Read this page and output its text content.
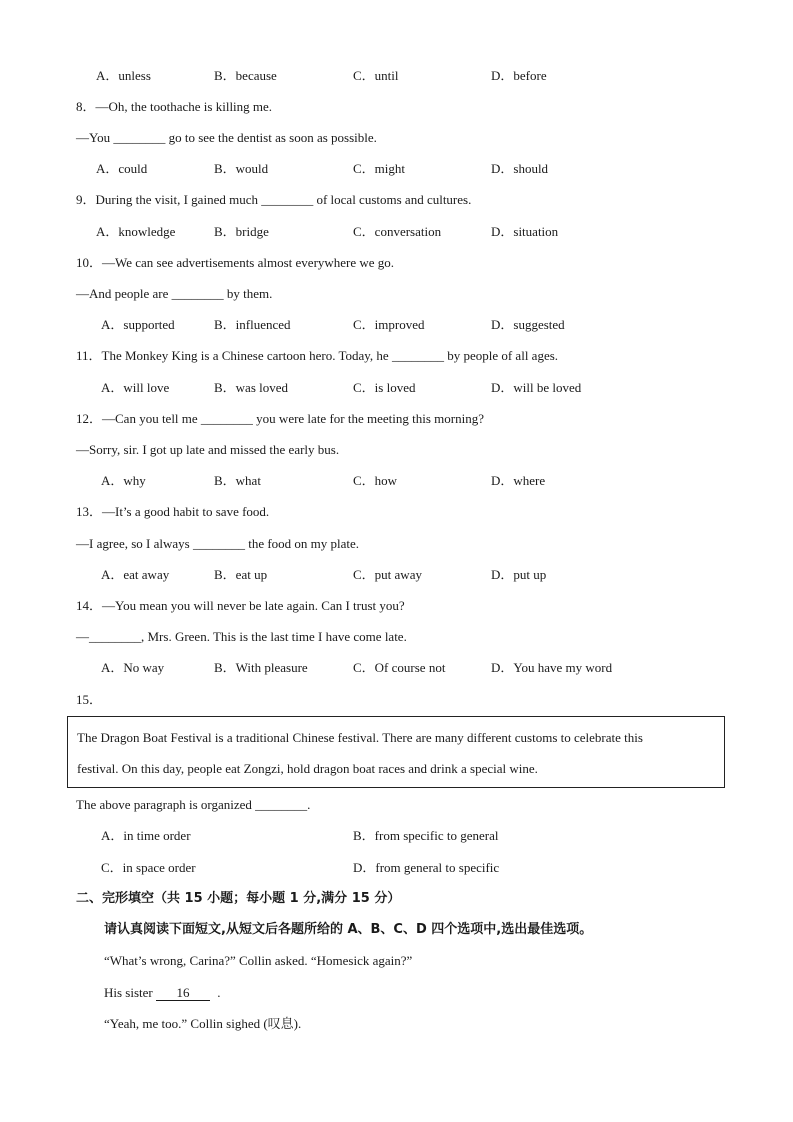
A．unless	B．because	C．until	D．before
8．—Oh, the toothache is killing me.
—You ________ go to see the dentist as soon as possible.
A．could	B．would	C．might	D．should
9．During the visit, I gained much ________ of local customs and cultures.
A．knowledge	B．bridge	C．conversation	D．situation
10．—We can see advertisements almost everywhere we go.
—And people are ________ by them.
A．supported	B．influenced	C．improved	D．suggested
11．The Monkey King is a Chinese cartoon hero. Today, he ________ by people of all ages.
A．will love	B．was loved	C．is loved	D．will be loved
12．—Can you tell me ________ you were late for the meeting this morning?
—Sorry, sir. I got up late and missed the early bus.
A．why	B．what	C．how	D．where
13．—It’s a good habit to save food.
—I agree, so I always ________ the food on my plate.
A．eat away	B．eat up	C．put away	D．put up
14．—You mean you will never be late again. Can I trust you?
—________, Mrs. Green. This is the last time I have come late.
A．No way	B．With pleasure	C．Of course not	D．You have my word
15．
The Dragon Boat Festival is a traditional Chinese festival. There are many different customs to celebrate this
festival. On this day, people eat Zongzi, hold dragon boat races and drink a special wine.
The above paragraph is organized ________.
A．in time order	B．from specific to general
C．in space order	D．from general to specific
二、完形填空（共 15 小题；每小题 1 分,满分 15 分）
请认真阅读下面短文,从短文后各题所给的 A、B、C、D 四个选项中,选出最佳选项。
“What’s wrong, Carina?” Collin asked. “Homesick again?”
His sister 16 .
“Yeah, me too.” Collin sighed (叹息).
